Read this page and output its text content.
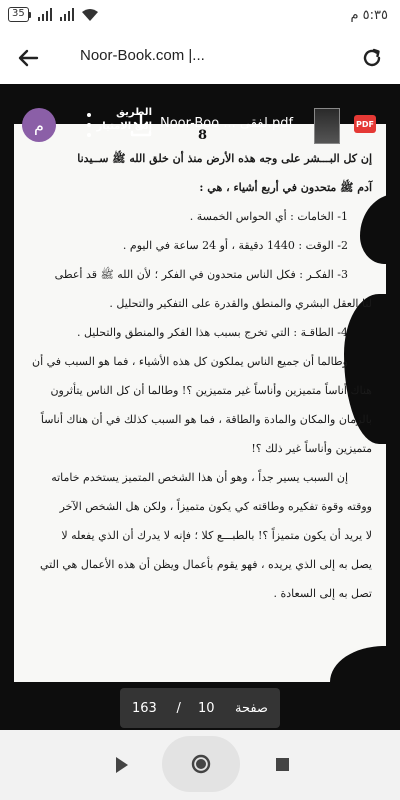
35	٥:٣٥ م
Noor-Book.com ؜|...
8
إن كل البـــشر على وجه هذه الأرض منذ أن خلق الله ﷺ ســيدنا
آدم ﷺ متحدون في أربع أشياء ، هي :
1- الخامات : أي الحواس الخمسة .
2- الوقت : 1440 دقيقة ، أو 24 ساعة في اليوم .
3- الفكـر : فكل الناس متحدون في الفكر ؛ لأن الله ﷺ قد أعطى
لنا العقل البشري والمنطق والقدرة على التفكير والتحليل .
4- الطاقـة : التي تخرج بسبب هذا الفكر والمنطق والتحليل .
وطالما أن جميع الناس يملكون كل هذه الأشياء ، فما هو السبب في أن
هناك أناساً متميزين وأناساً غير متميزين ؟! وطالما أن كل الناس يتأثرون
بالزمان والمكان والمادة والطاقة ، فما هو السبب كذلك في أن هناك أناساً
متميزين وأناساً غير ذلك ؟!
إن السبب يسير جداً ، وهو أن هذا الشخص المتميز يستخدم خاماته
ووقته وقوة تفكيره وطاقته كي يكون متميزاً ، ولكن هل الشخص الآخر
لا يريد أن يكون متميزاً ؟! بالطبـــع كلا ؛ فإنه لا يدرك أن الذي يفعله لا
يصل به إلى الذي يريده ، فهو يقوم بأعمال ويظن أن هذه الأعمال هي التي
تصل به إلى السعادة .
م
الطريق إلى الامتياز Noor-Boo ... لفقى.pdf	PDF
163	/	10	صفحة
